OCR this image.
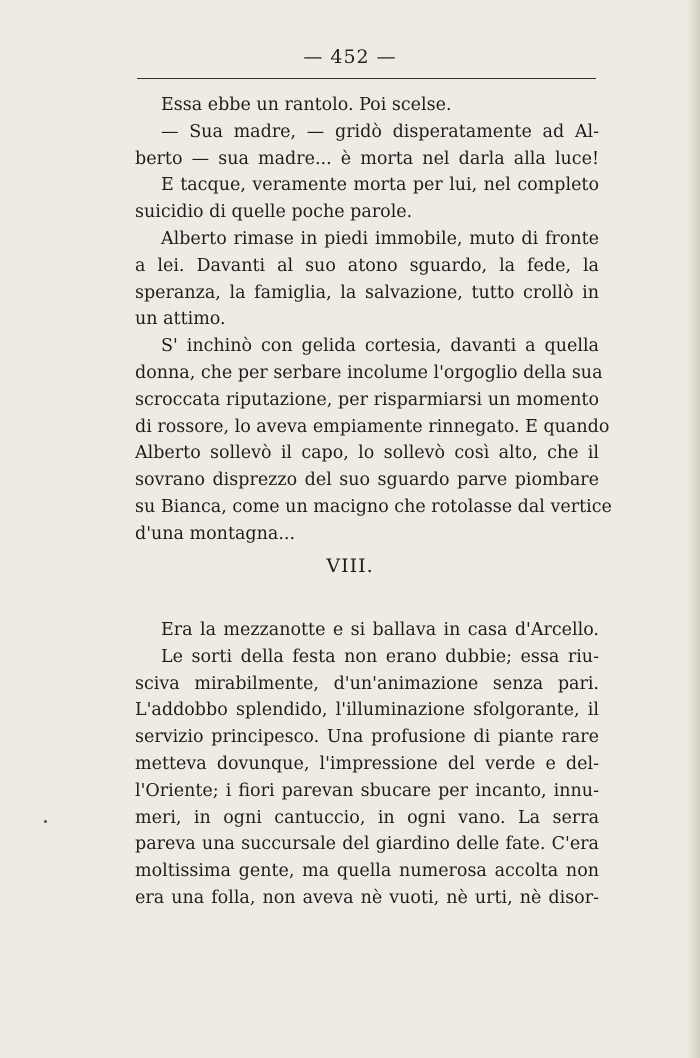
— 452 —
Essa ebbe un rantolo. Poi scelse.
— Sua madre, — gridò disperatamente ad Al-
berto — sua madre... è morta nel darla alla luce!
E tacque, veramente morta per lui, nel completo
suicidio di quelle poche parole.
Alberto rimase in piedi immobile, muto di fronte
a lei. Davanti al suo atono sguardo, la fede, la
speranza, la famiglia, la salvazione, tutto crollò in
un attimo.
S' inchinò con gelida cortesia, davanti a quella
donna, che per serbare incolume l'orgoglio della sua
scroccata riputazione, per risparmiarsi un momento
di rossore, lo aveva empiamente rinnegato. E quando
Alberto sollevò il capo, lo sollevò così alto, che il
sovrano disprezzo del suo sguardo parve piombare
su Bianca, come un macigno che rotolasse dal vertice
d'una montagna...
VIII.
Era la mezzanotte e si ballava in casa d'Arcello.
Le sorti della festa non erano dubbie; essa riu-
sciva mirabilmente, d'un'animazione senza pari.
L'addobbo splendido, l'illuminazione sfolgorante, il
servizio principesco. Una profusione di piante rare
metteva dovunque, l'impressione del verde e del-
l'Oriente; i fiori parevan sbucare per incanto, innu-
meri, in ogni cantuccio, in ogni vano. La serra
pareva una succursale del giardino delle fate. C'era
moltissima gente, ma quella numerosa accolta non
era una folla, non aveva nè vuoti, nè urti, nè disor-
